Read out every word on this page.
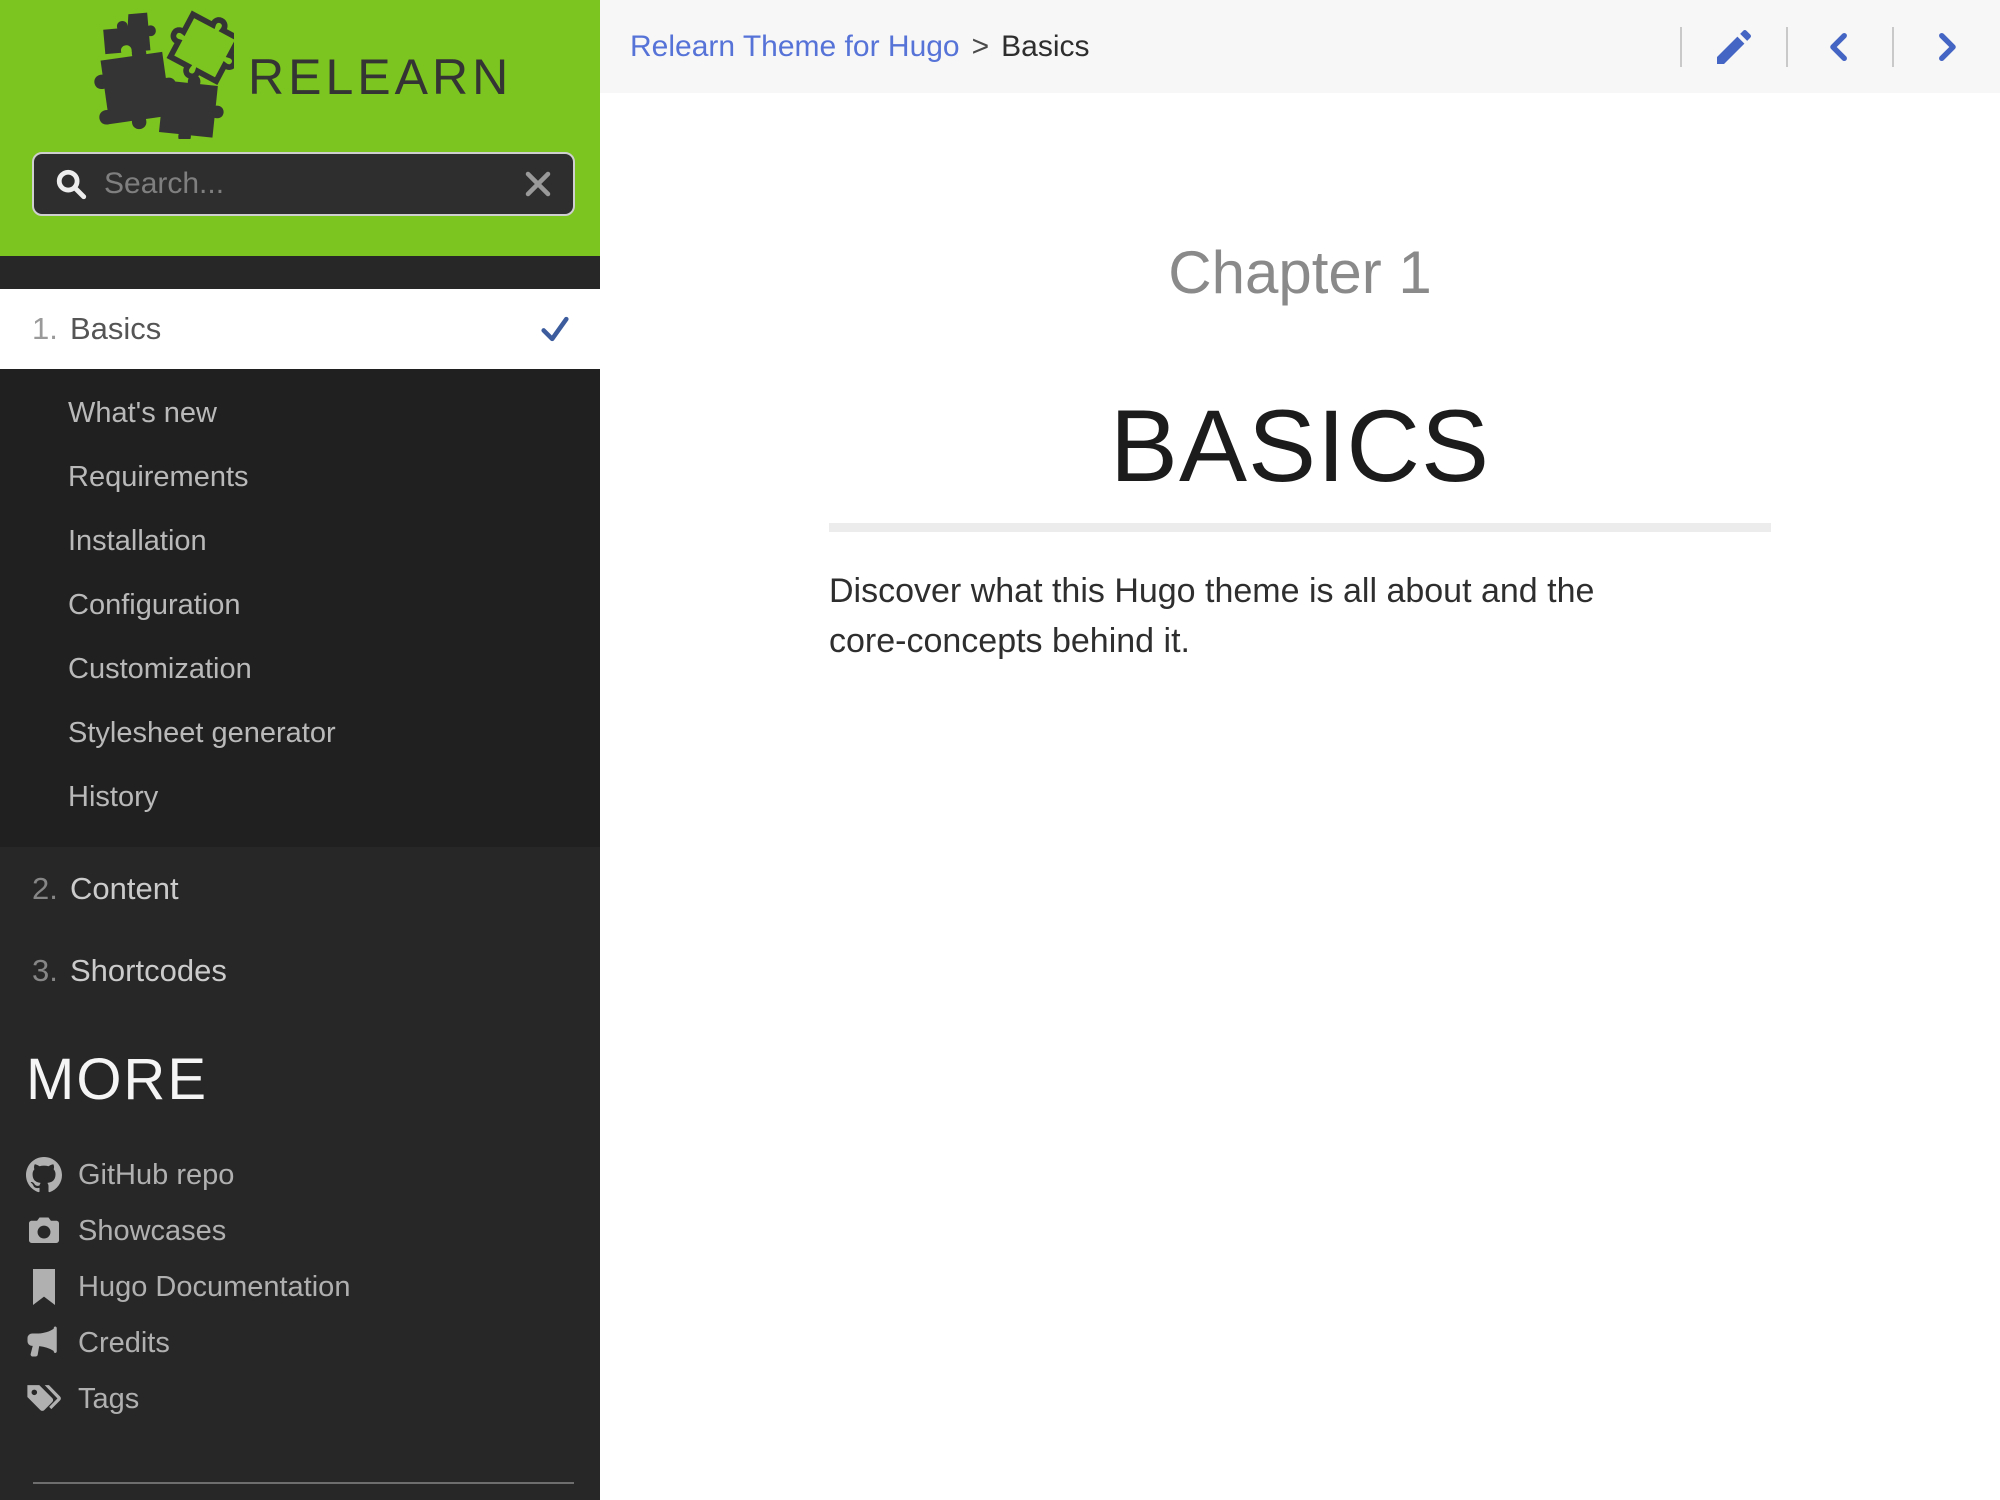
RELEARN
Search...
1. Basics
What's new
Requirements
Installation
Configuration
Customization
Stylesheet generator
History
2. Content
3. Shortcodes
MORE
GitHub repo
Showcases
Hugo Documentation
Credits
Tags
Relearn Theme for Hugo > Basics
Chapter 1
BASICS

Discover what this Hugo theme is all about and the
core-concepts behind it.
